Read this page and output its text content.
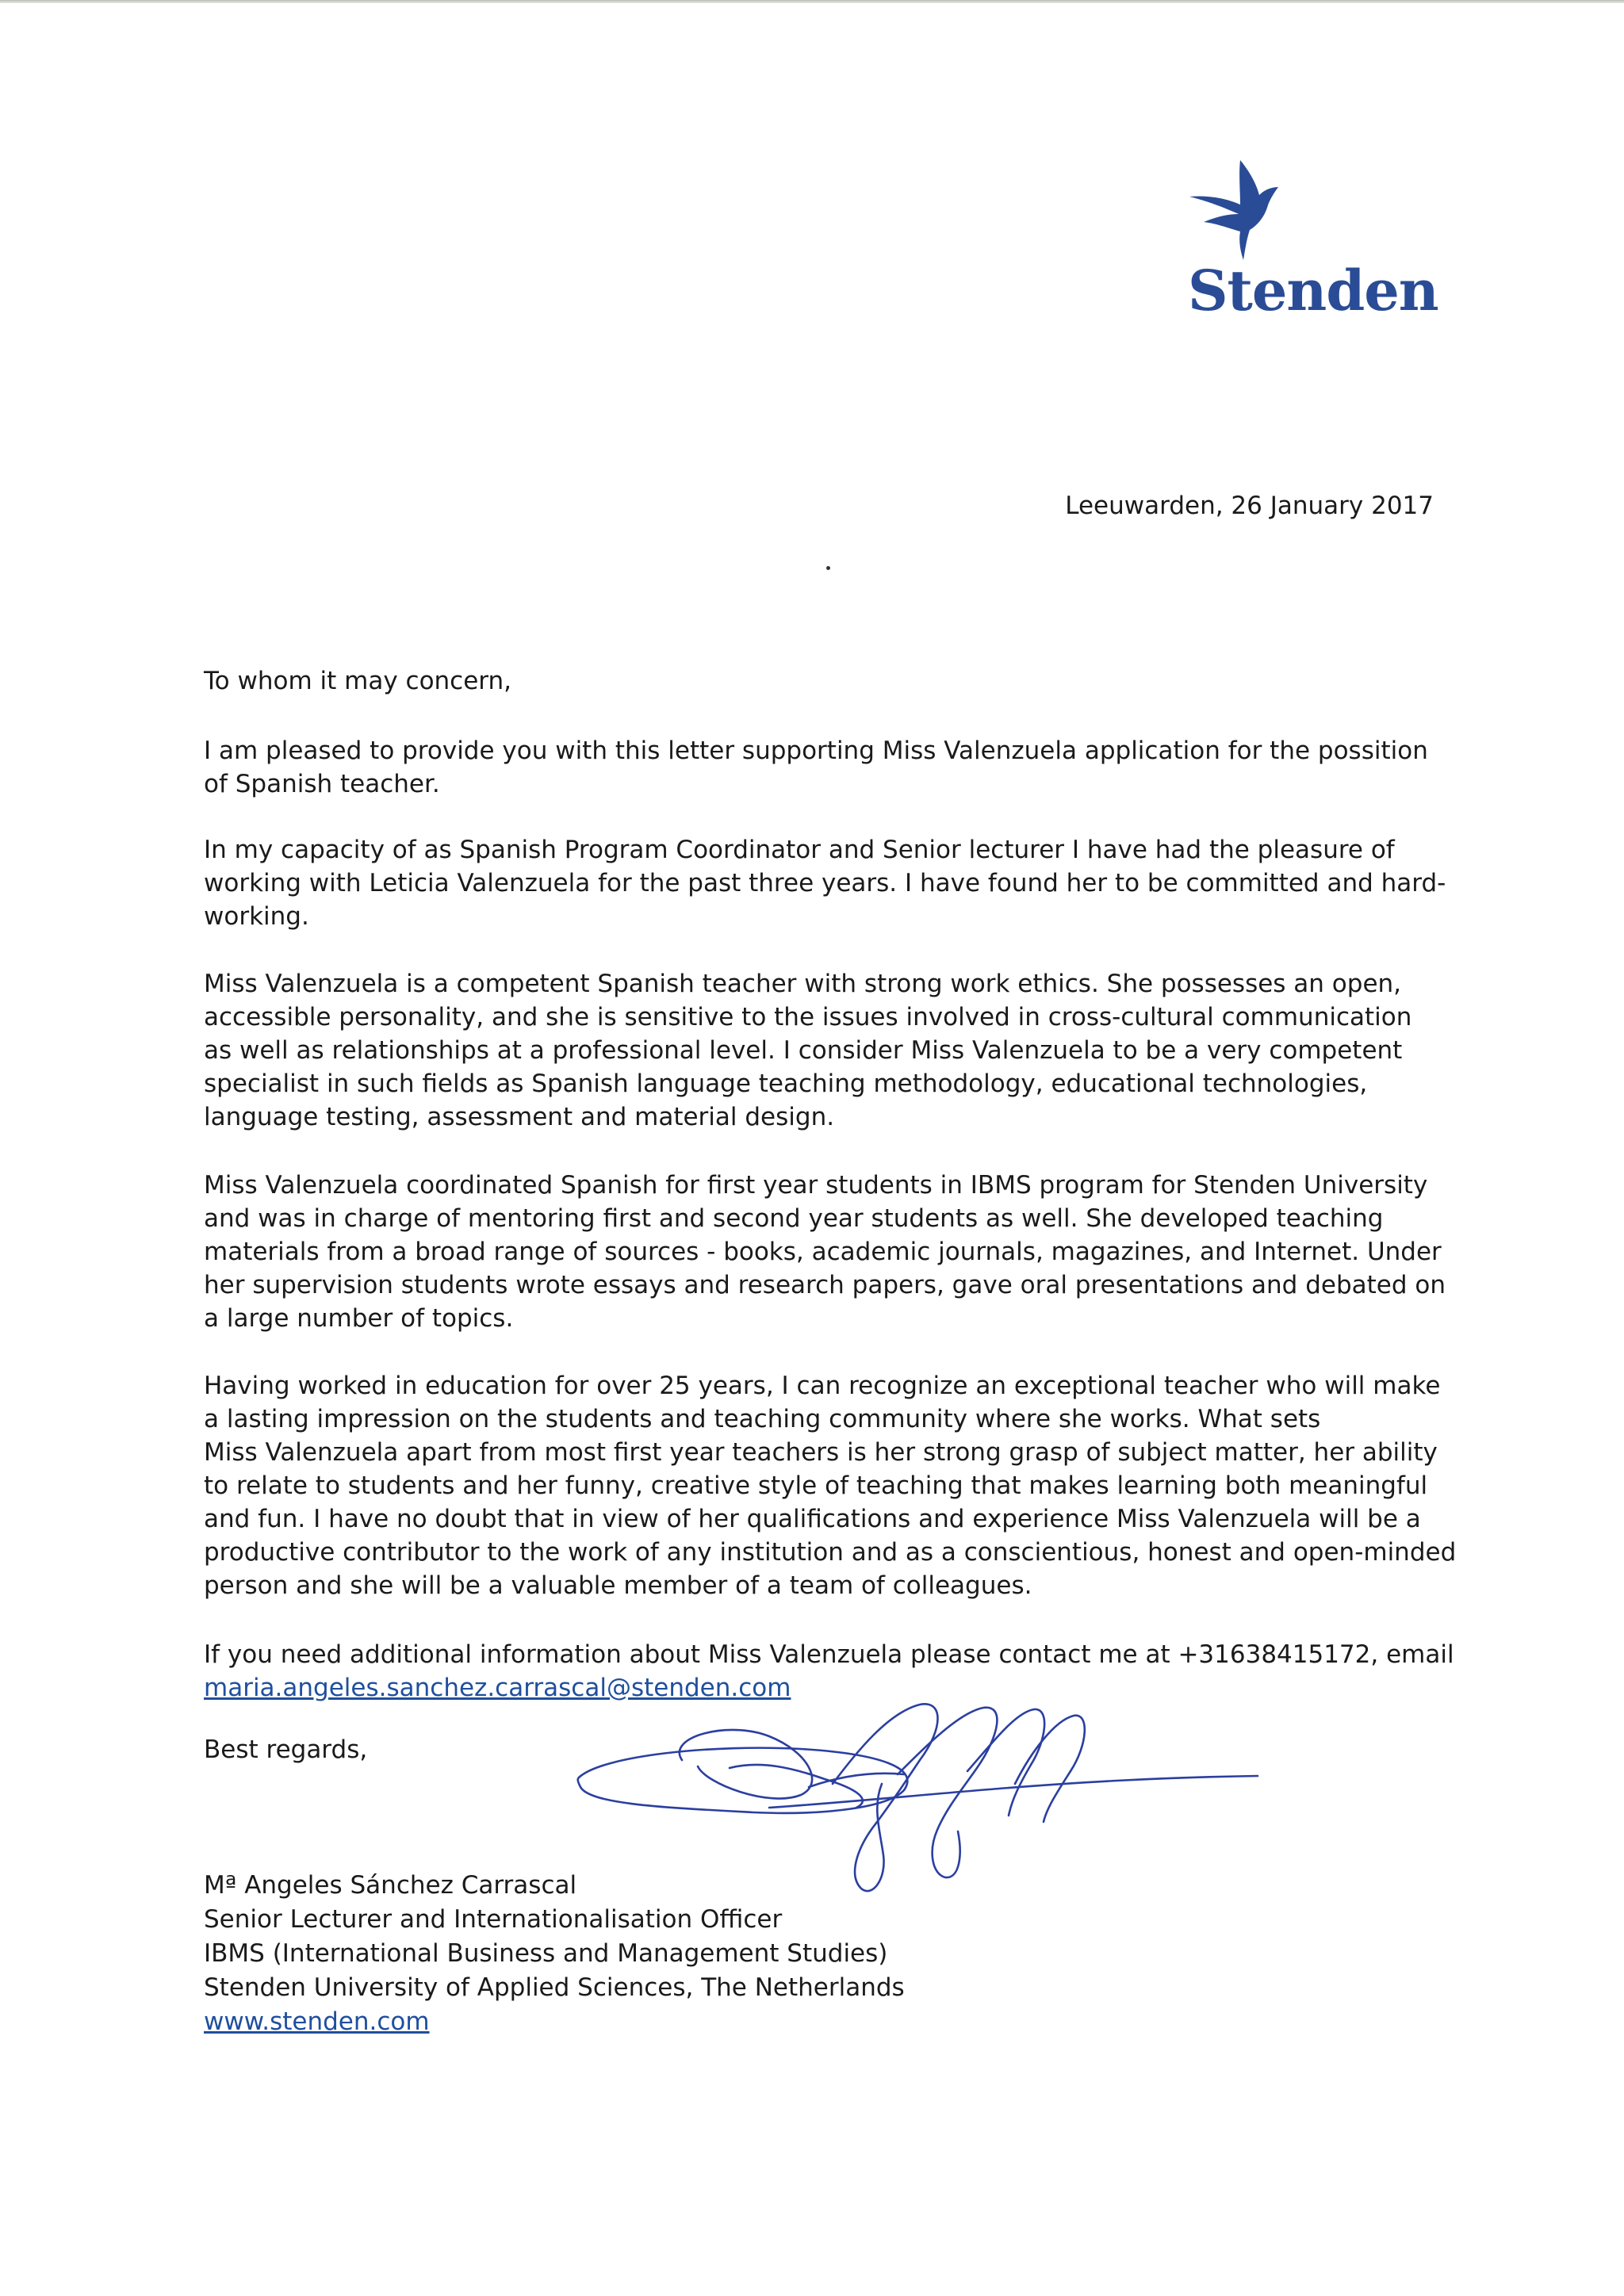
Stenden
Leeuwarden, 26 January 2017

To whom it may concern,

I am pleased to provide you with this letter supporting Miss Valenzuela application for the possition
of Spanish teacher.

In my capacity of as Spanish Program Coordinator and Senior lecturer I have had the pleasure of
working with Leticia Valenzuela for the past three years. I have found her to be committed and hard-
working.

Miss Valenzuela is a competent Spanish teacher with strong work ethics. She possesses an open,
accessible personality, and she is sensitive to the issues involved in cross-cultural communication
as well as relationships at a professional level. I consider Miss Valenzuela to be a very competent
specialist in such fields as Spanish language teaching methodology, educational technologies,
language testing, assessment and material design.

Miss Valenzuela coordinated Spanish for first year students in IBMS program for Stenden University
and was in charge of mentoring first and second year students as well. She developed teaching
materials from a broad range of sources - books, academic journals, magazines, and Internet. Under
her supervision students wrote essays and research papers, gave oral presentations and debated on
a large number of topics.

Having worked in education for over 25 years, I can recognize an exceptional teacher who will make
a lasting impression on the students and teaching community where she works. What sets
Miss Valenzuela apart from most first year teachers is her strong grasp of subject matter, her ability
to relate to students and her funny, creative style of teaching that makes learning both meaningful
and fun. I have no doubt that in view of her qualifications and experience Miss Valenzuela will be a
productive contributor to the work of any institution and as a conscientious, honest and open-minded
person and she will be a valuable member of a team of colleagues.

If you need additional information about Miss Valenzuela please contact me at +31638415172, email
maria.angeles.sanchez.carrascal@stenden.com

Best regards,

Mª Angeles Sánchez Carrascal
Senior Lecturer and Internationalisation Officer
IBMS (International Business and Management Studies)
Stenden University of Applied Sciences, The Netherlands
www.stenden.com
